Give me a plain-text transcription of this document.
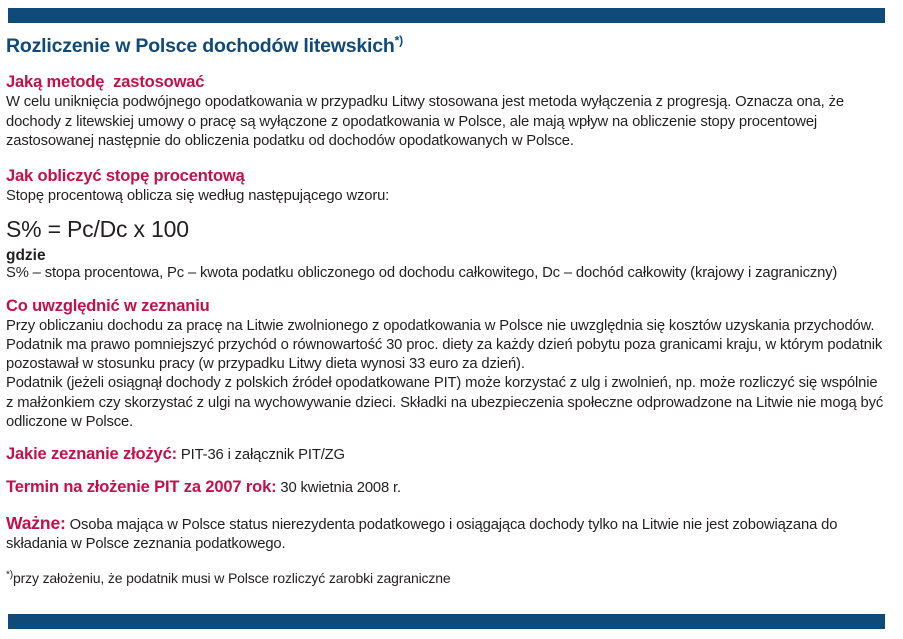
Rozliczenie w Polsce dochodów litewskich*)
Jaką metodę  zastosować

W celu uniknięcia podwójnego opodatkowania w przypadku Litwy stosowana jest metoda wyłączenia z progresją. Oznacza ona, że dochody z litewskiej umowy o pracę są wyłączone z opodatkowania w Polsce, ale mają wpływ na obliczenie stopy procentowej zastosowanej następnie do obliczenia podatku od dochodów opodatkowanych w Polsce.

Jak obliczyć stopę procentową

Stopę procentową oblicza się według następującego wzoru:

S% = Pc/Dc x 100
gdzie

S% – stopa procentowa, Pc – kwota podatku obliczonego od dochodu całkowitego, Dc – dochód całkowity (krajowy i zagraniczny)

Co uwzględnić w zeznaniu

Przy obliczaniu dochodu za pracę na Litwie zwolnionego z opodatkowania w Polsce nie uwzględnia się kosztów uzyskania przychodów. Podatnik ma prawo pomniejszyć przychód o równowartość 30 proc. diety za każdy dzień pobytu poza granicami kraju, w którym podatnik pozostawał w stosunku pracy (w przypadku Litwy dieta wynosi 33 euro za dzień).

Podatnik (jeżeli osiągnął dochody z polskich źródeł opodatkowane PIT) może korzystać z ulg i zwolnień, np. może rozliczyć się wspólnie z małżonkiem czy skorzystać z ulgi na wychowywanie dzieci. Składki na ubezpieczenia społeczne odprowadzone na Litwie nie mogą być odliczone w Polsce.

Jakie zeznanie złożyć: PIT-36 i załącznik PIT/ZG

Termin na złożenie PIT za 2007 rok: 30 kwietnia 2008 r.

Ważne: Osoba mająca w Polsce status nierezydenta podatkowego i osiągająca dochody tylko na Litwie nie jest zobowiązana do składania w Polsce zeznania podatkowego.

*)przy założeniu, że podatnik musi w Polsce rozliczyć zarobki zagraniczne
